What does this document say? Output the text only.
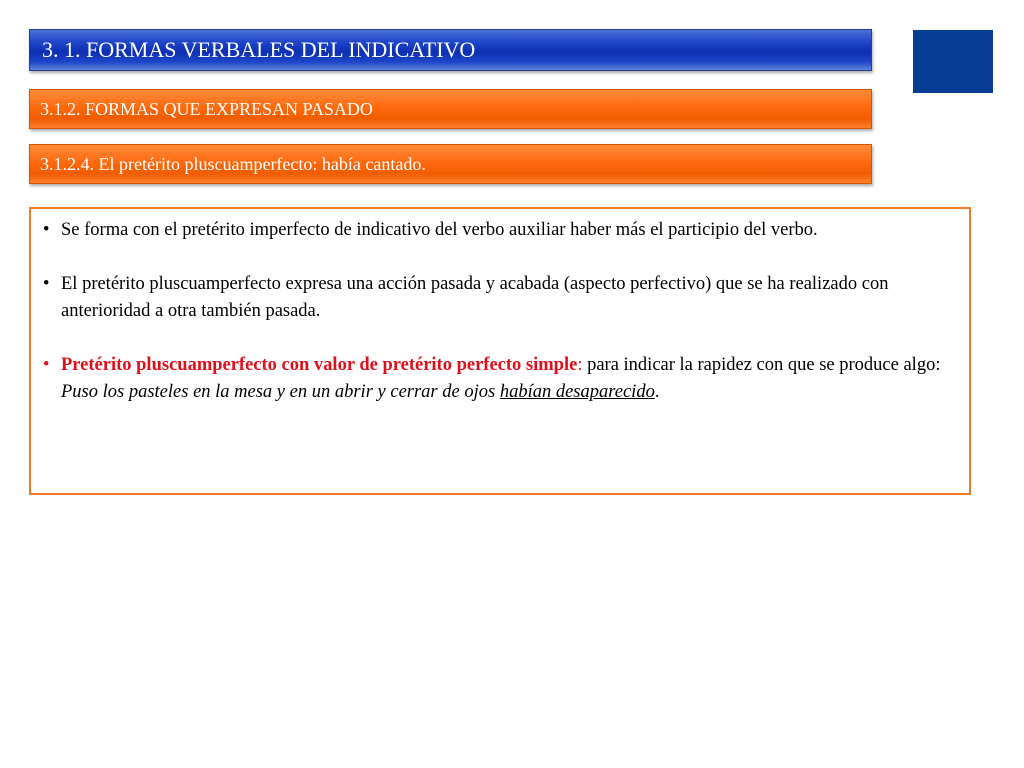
3. 1. FORMAS VERBALES DEL INDICATIVO
3.1.2. FORMAS QUE EXPRESAN PASADO
3.1.2.4. El pretérito pluscuamperfecto: había cantado.
• Se forma con el pretérito imperfecto de indicativo del verbo auxiliar haber más el participio del verbo.
• El pretérito pluscuamperfecto expresa una acción pasada y acabada (aspecto perfectivo) que se ha realizado con anterioridad a otra también pasada.
• Pretérito pluscuamperfecto con valor de pretérito perfecto simple: para indicar la rapidez con que se produce algo: Puso los pasteles en la mesa y en un abrir y cerrar de ojos habían desaparecido.
